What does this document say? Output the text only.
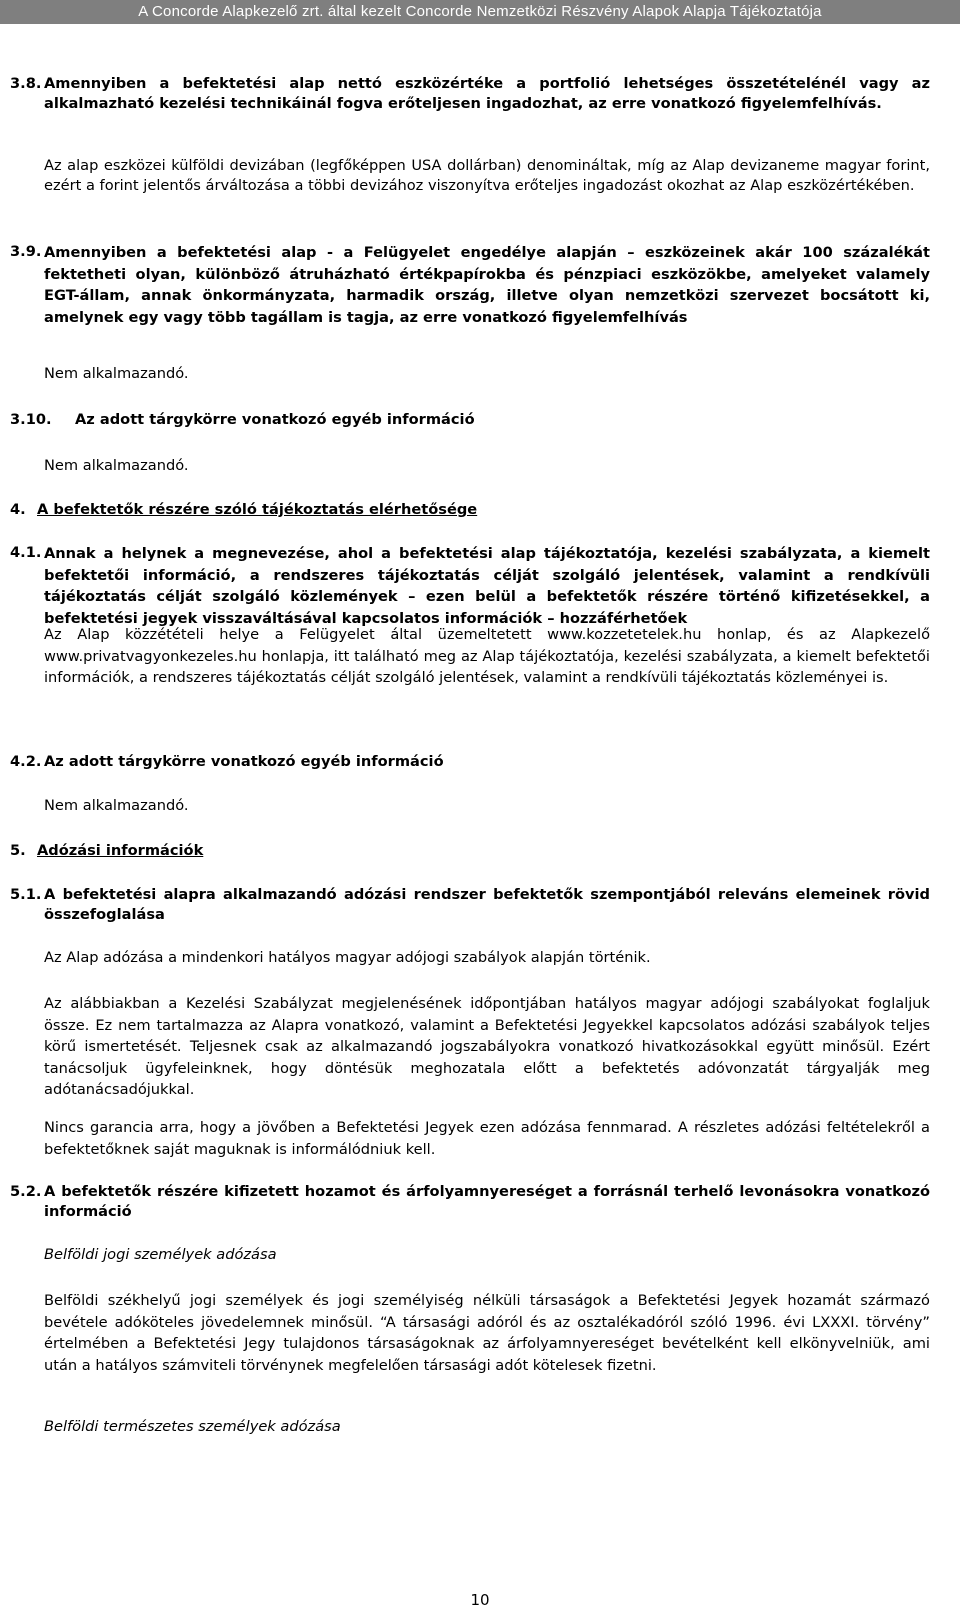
A Concorde Alapkezelő zrt. által kezelt Concorde Nemzetközi Részvény Alapok Alapja Tájékoztatója

3.8. Amennyiben a befektetési alap nettó eszközértéke a portfolió lehetséges összetételénél vagy az alkalmazható kezelési technikáinál fogva erőteljesen ingadozhat, az erre vonatkozó figyelemfelhívás.

Az alap eszközei külföldi devizában (legfőképpen USA dollárban) denomináltak, míg az Alap devizaneme magyar forint, ezért a forint jelentős árváltozása a többi devizához viszonyítva erőteljes ingadozást okozhat az Alap eszközértékében.

3.9. Amennyiben a befektetési alap - a Felügyelet engedélye alapján – eszközeinek akár 100 százalékát fektetheti olyan, különböző átruházható értékpapírokba és pénzpiaci eszközökbe, amelyeket valamely EGT-állam, annak önkormányzata, harmadik ország, illetve olyan nemzetközi szervezet bocsátott ki, amelynek egy vagy több tagállam is tagja, az erre vonatkozó figyelemfelhívás

Nem alkalmazandó.

3.10. Az adott tárgykörre vonatkozó egyéb információ

Nem alkalmazandó.

4. A befektetők részére szóló tájékoztatás elérhetősége

4.1. Annak a helynek a megnevezése, ahol a befektetési alap tájékoztatója, kezelési szabályzata, a kiemelt befektetői információ, a rendszeres tájékoztatás célját szolgáló jelentések, valamint a rendkívüli tájékoztatás célját szolgáló közlemények – ezen belül a befektetők részére történő kifizetésekkel, a befektetési jegyek visszaváltásával kapcsolatos információk – hozzáférhetőek

Az Alap közzétételi helye a Felügyelet által üzemeltetett www.kozzetetelek.hu honlap, és az Alapkezelő www.privatvagyonkezeles.hu honlapja, itt található meg az Alap tájékoztatója, kezelési szabályzata, a kiemelt befektetői információk, a rendszeres tájékoztatás célját szolgáló jelentések, valamint a rendkívüli tájékoztatás közleményei is.

4.2. Az adott tárgykörre vonatkozó egyéb információ

Nem alkalmazandó.

5. Adózási információk

5.1. A befektetési alapra alkalmazandó adózási rendszer befektetők szempontjából releváns elemeinek rövid összefoglalása

Az Alap adózása a mindenkori hatályos magyar adójogi szabályok alapján történik.

Az alábbiakban a Kezelési Szabályzat megjelenésének időpontjában hatályos magyar adójogi szabályokat foglaljuk össze. Ez nem tartalmazza az Alapra vonatkozó, valamint a Befektetési Jegyekkel kapcsolatos adózási szabályok teljes körű ismertetését. Teljesnek csak az alkalmazandó jogszabályokra vonatkozó hivatkozásokkal együtt minősül. Ezért tanácsoljuk ügyfeleinknek, hogy döntésük meghozatala előtt a befektetés adóvonzatát tárgyalják meg adótanácsadójukkal.

Nincs garancia arra, hogy a jövőben a Befektetési Jegyek ezen adózása fennmarad. A részletes adózási feltételekről a befektetőknek saját maguknak is informálódniuk kell.

5.2. A befektetők részére kifizetett hozamot és árfolyamnyereséget a forrásnál terhelő levonásokra vonatkozó információ

Belföldi jogi személyek adózása

Belföldi székhelyű jogi személyek és jogi személyiség nélküli társaságok a Befektetési Jegyek hozamát származó bevétele adóköteles jövedelemnek minősül. “A társasági adóról és az osztalékadóról szóló 1996. évi LXXXI. törvény” értelmében a Befektetési Jegy tulajdonos társaságoknak az árfolyamnyereséget bevételként kell elkönyvelniük, ami után a hatályos számviteli törvénynek megfelelően társasági adót kötelesek fizetni.

Belföldi természetes személyek adózása

10
